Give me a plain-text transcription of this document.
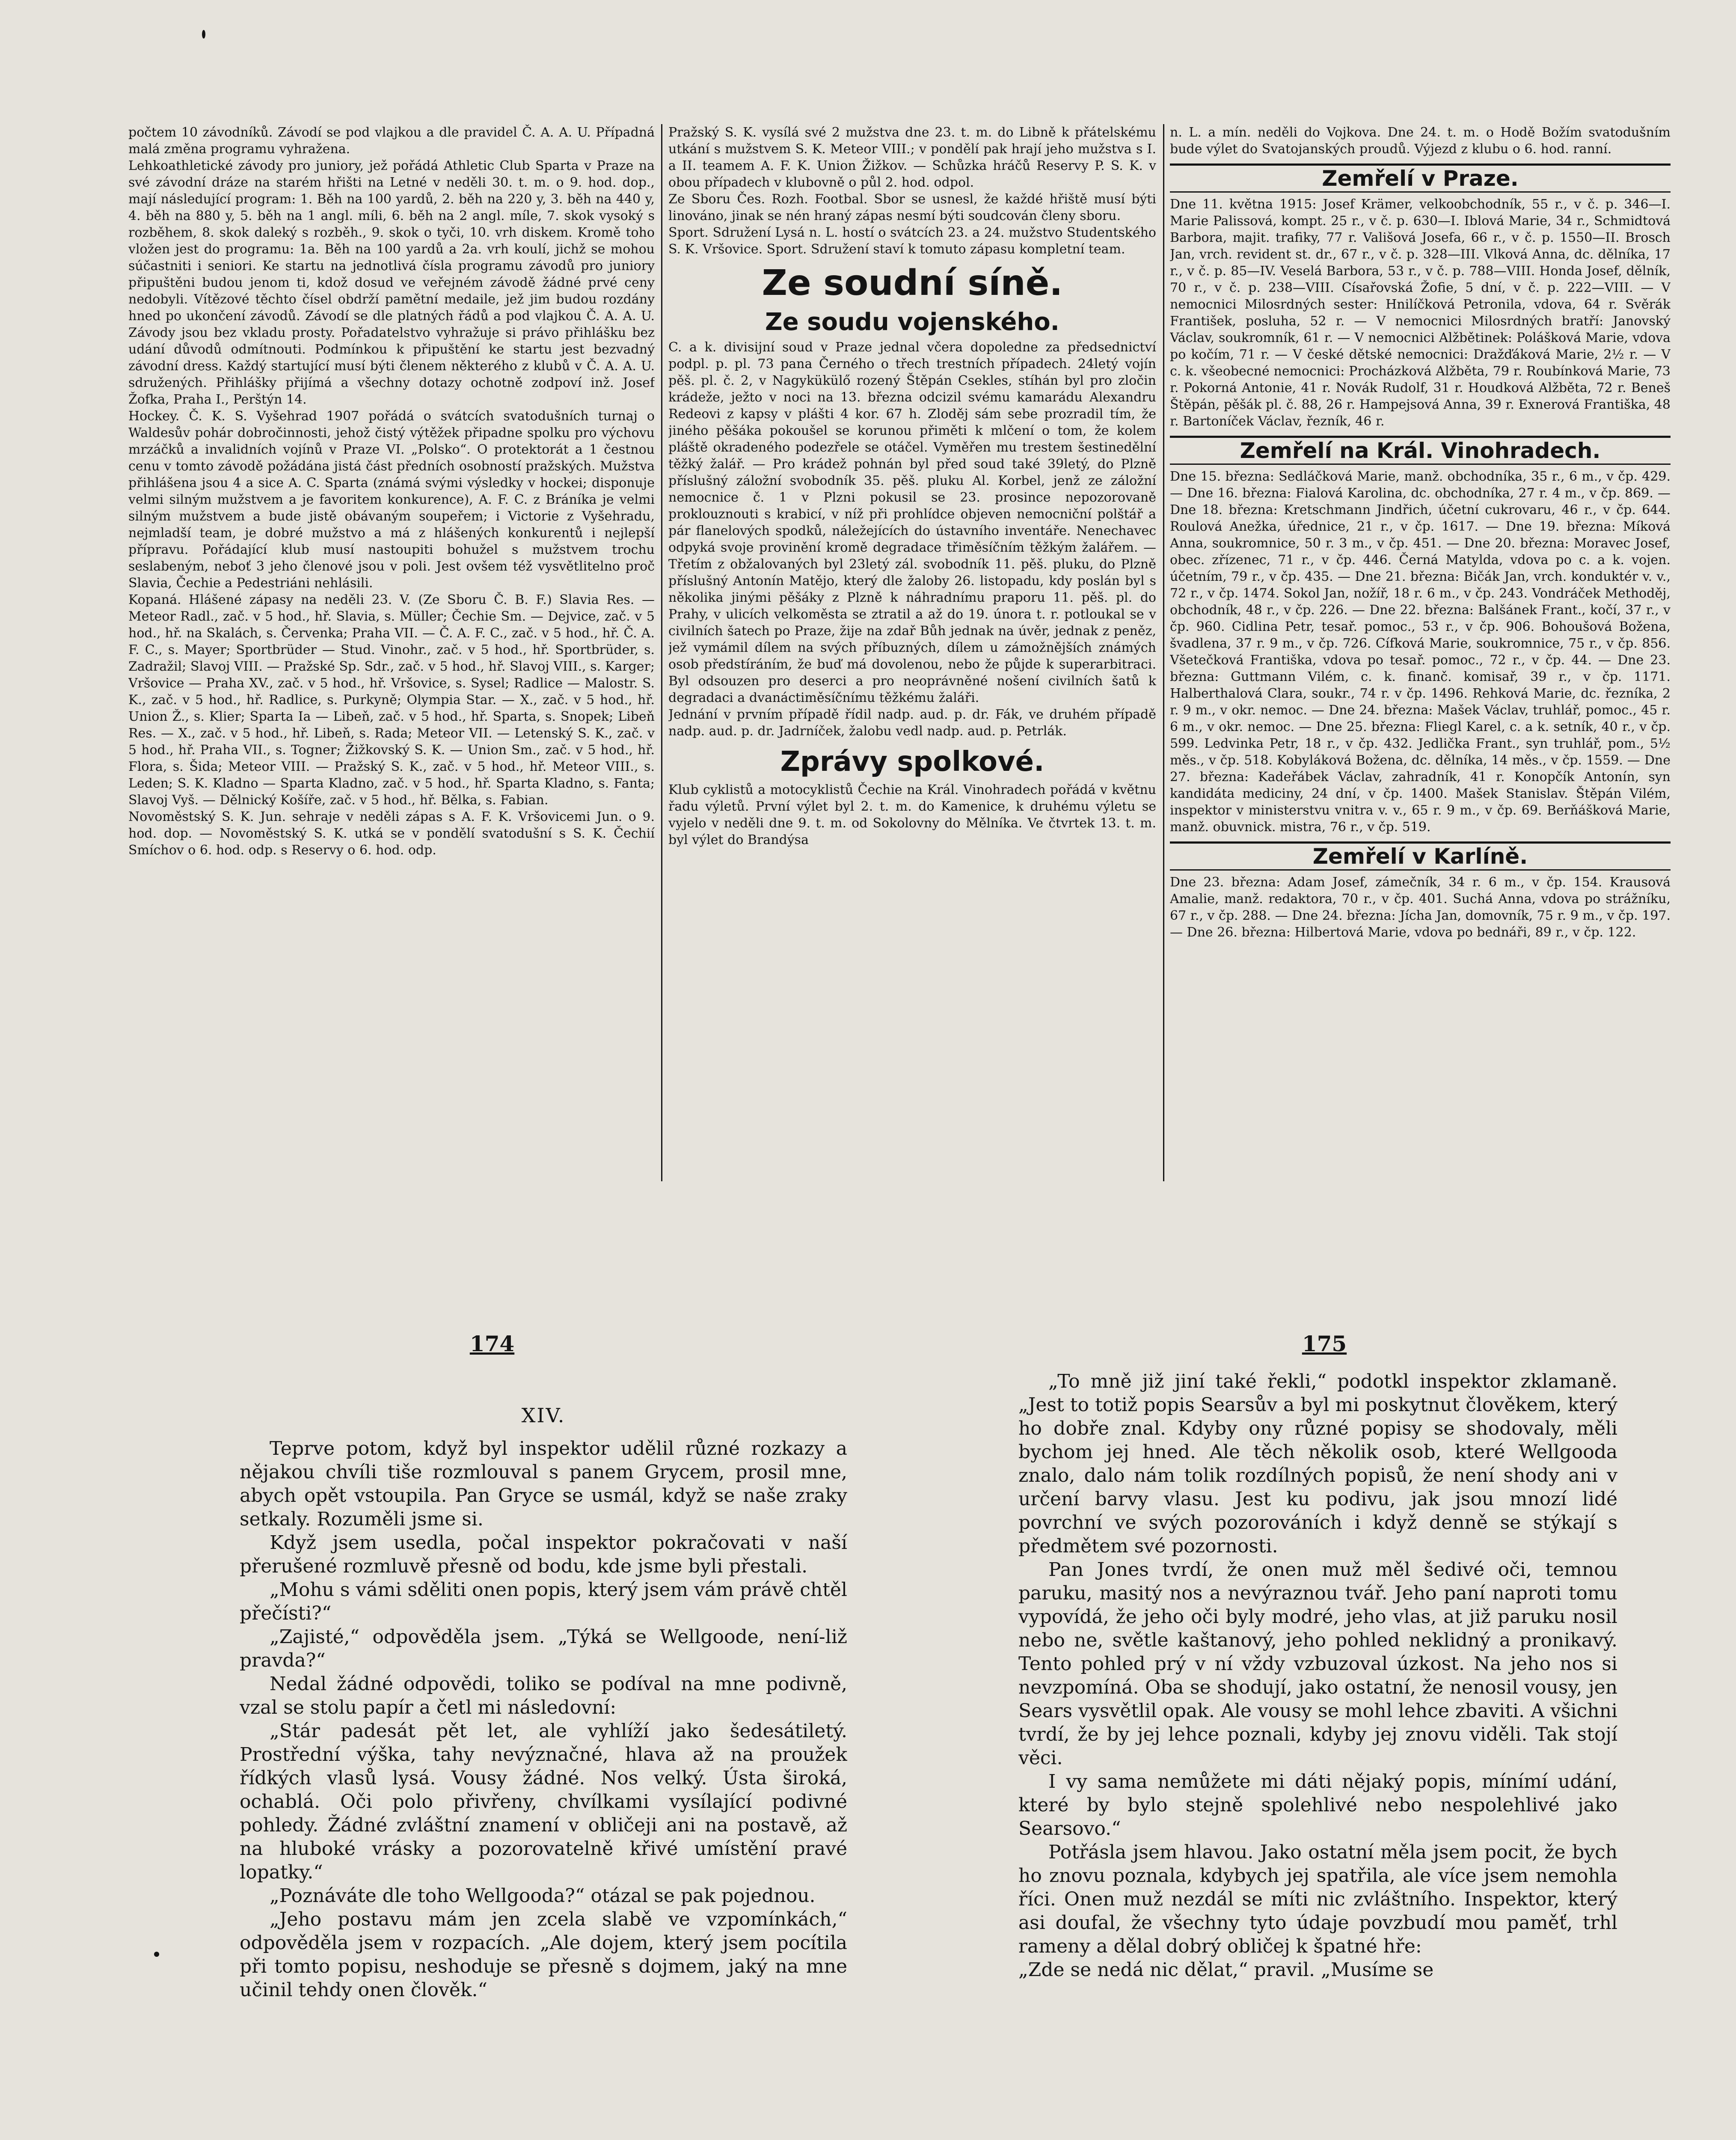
počtem 10 závodníků. Závodí se pod vlajkou a dle pravidel Č. A. A. U. Případná malá změna programu vyhražena.

Lehkoathletické závody pro juniory, jež pořádá Athletic Club Sparta v Praze na své závodní dráze na starém hřišti na Letné v neděli 30. t. m. o 9. hod. dop., mají následující program: 1. Běh na 100 yardů, 2. běh na 220 y, 3. běh na 440 y, 4. běh na 880 y, 5. běh na 1 angl. míli, 6. běh na 2 angl. míle, 7. skok vysoký s rozběhem, 8. skok daleký s rozběh., 9. skok o tyči, 10. vrh diskem. Kromě toho vložen jest do programu: 1a. Běh na 100 yardů a 2a. vrh koulí, jichž se mohou súčastniti i seniori. Ke startu na jednotlivá čísla programu závodů pro juniory připuštěni budou jenom ti, kdož dosud ve veřejném závodě žádné prvé ceny nedobyli. Vítězové těchto čísel obdrží pamětní medaile, jež jim budou rozdány hned po ukončení závodů. Závodí se dle platných řádů a pod vlajkou Č. A. A. U. Závody jsou bez vkladu prosty. Pořadatelstvo vyhražuje si právo přihlášku bez udání důvodů odmítnouti. Podmínkou k připuštění ke startu jest bezvadný závodní dress. Každý startující musí býti členem některého z klubů v Č. A. A. U. sdružených. Přihlášky přijímá a všechny dotazy ochotně zodpoví inž. Josef Žofka, Praha I., Perštýn 14.

Hockey. Č. K. S. Vyšehrad 1907 pořádá o svátcích svatodušních turnaj o Waldesův pohár dobročinnosti, jehož čistý výtěžek připadne spolku pro výchovu mrzáčků a invalidních vojínů v Praze VI. „Polsko“. O protektorát a 1 čestnou cenu v tomto závodě požádána jistá část předních osobností pražských. Mužstva přihlášena jsou 4 a sice A. C. Sparta (známá svými výsledky v hockei; disponuje velmi silným mužstvem a je favoritem konkurence), A. F. C. z Bráníka je velmi silným mužstvem a bude jistě obávaným soupeřem; i Victorie z Vyšehradu, nejmladší team, je dobré mužstvo a má z hlášených konkurentů i nejlepší přípravu. Pořádající klub musí nastoupiti bohužel s mužstvem trochu seslabeným, neboť 3 jeho členové jsou v poli. Jest ovšem též vysvětlitelno proč Slavia, Čechie a Pedestriáni nehlásili.

Kopaná. Hlášené zápasy na neděli 23. V. (Ze Sboru Č. B. F.) Slavia Res. — Meteor Radl., zač. v 5 hod., hř. Slavia, s. Müller; Čechie Sm. — Dejvice, zač. v 5 hod., hř. na Skalách, s. Červenka; Praha VII. — Č. A. F. C., zač. v 5 hod., hř. Č. A. F. C., s. Mayer; Sportbrüder — Stud. Vinohr., zač. v 5 hod., hř. Sportbrüder, s. Zadražil; Slavoj VIII. — Pražské Sp. Sdr., zač. v 5 hod., hř. Slavoj VIII., s. Karger; Vršovice — Praha XV., zač. v 5 hod., hř. Vršovice, s. Sysel; Radlice — Malostr. S. K., zač. v 5 hod., hř. Radlice, s. Purkyně; Olympia Star. — X., zač. v 5 hod., hř. Union Ž., s. Klier; Sparta Ia — Libeň, zač. v 5 hod., hř. Sparta, s. Snopek; Libeň Res. — X., zač. v 5 hod., hř. Libeň, s. Rada; Meteor VII. — Letenský S. K., zač. v 5 hod., hř. Praha VII., s. Togner; Žižkovský S. K. — Union Sm., zač. v 5 hod., hř. Flora, s. Šida; Meteor VIII. — Pražský S. K., zač. v 5 hod., hř. Meteor VIII., s. Leden; S. K. Kladno — Sparta Kladno, zač. v 5 hod., hř. Sparta Kladno, s. Fanta; Slavoj Vyš. — Dělnický Košíře, zač. v 5 hod., hř. Bělka, s. Fabian.

Novoměstský S. K. Jun. sehraje v neděli zápas s A. F. K. Vršovicemi Jun. o 9. hod. dop. — Novoměstský S. K. utká se v pondělí svatodušní s S. K. Čechií Smíchov o 6. hod. odp. s Reservy o 6. hod. odp.

Pražský S. K. vysílá své 2 mužstva dne 23. t. m. do Libně k přátelskému utkání s mužstvem S. K. Meteor VIII.; v pondělí pak hrají jeho mužstva s I. a II. teamem A. F. K. Union Žižkov. — Schůzka hráčů Reservy P. S. K. v obou případech v klubovně o půl 2. hod. odpol.

Ze Sboru Čes. Rozh. Footbal. Sbor se usnesl, že každé hřiště musí býti linováno, jinak se nén hraný zápas nesmí býti soudcován členy sboru.

Sport. Sdružení Lysá n. L. hostí o svátcích 23. a 24. mužstvo Studentského S. K. Vršovice. Sport. Sdružení staví k tomuto zápasu kompletní team.

Ze soudní síně.
Ze soudu vojenského.

C. a k. divisijní soud v Praze jednal včera dopoledne za předsednictví podpl. p. pl. 73 pana Černého o třech trestních případech. 24letý vojín pěš. pl. č. 2, v Nagykükülő rozený Štěpán Csekles, stíhán byl pro zločin krádeže, ježto v noci na 13. března odcizil svému kamarádu Alexandru Redeovi z kapsy v plášti 4 kor. 67 h. Zloděj sám sebe prozradil tím, že jiného pěšáka pokoušel se korunou přiměti k mlčení o tom, že kolem pláště okradeného podezřele se otáčel. Vyměřen mu trestem šestinedělní těžký žalář. — Pro krádež pohnán byl před soud také 39letý, do Plzně příslušný záložní svobodník 35. pěš. pluku Al. Korbel, jenž ze záložní nemocnice č. 1 v Plzni pokusil se 23. prosince nepozorovaně proklouznouti s krabicí, v níž při prohlídce objeven nemocniční polštář a pár flanelových spodků, náležejících do ústavního inventáře. Nenechavec odpyká svoje provinění kromě degradace třiměsíčním těžkým žalářem. — Třetím z obžalovaných byl 23letý zál. svobodník 11. pěš. pluku, do Plzně příslušný Antonín Matějo, který dle žaloby 26. listopadu, kdy poslán byl s několika jinými pěšáky z Plzně k náhradnímu praporu 11. pěš. pl. do Prahy, v ulicích velkoměsta se ztratil a až do 19. února t. r. potloukal se v civilních šatech po Praze, žije na zdař Bůh jednak na úvěr, jednak z peněz, jež vymámil dílem na svých příbuzných, dílem u zámožnějších známých osob předstíráním, že buď má dovolenou, nebo že půjde k superarbitraci. Byl odsouzen pro deserci a pro neoprávněné nošení civilních šatů k degradaci a dvanáctiměsíčnímu těžkému žaláři.

Jednání v prvním případě řídil nadp. aud. p. dr. Fák, ve druhém případě nadp. aud. p. dr. Jadrníček, žalobu vedl nadp. aud. p. Petrlák.

Zprávy spolkové.

Klub cyklistů a motocyklistů Čechie na Král. Vinohradech pořádá v květnu řadu výletů. První výlet byl 2. t. m. do Kamenice, k druhému výletu se vyjelo v neděli dne 9. t. m. od Sokolovny do Mělníka. Ve čtvrtek 13. t. m. byl výlet do Brandýsa

n. L. a mín. neděli do Vojkova. Dne 24. t. m. o Hodě Božím svatodušním bude výlet do Svatojanských proudů. Výjezd z klubu o 6. hod. ranní.

Zemřelí v Praze.

Dne 11. května 1915: Josef Krämer, velkoobchodník, 55 r., v č. p. 346—I. Marie Palissová, kompt. 25 r., v č. p. 630—I. Iblová Marie, 34 r., Schmidtová Barbora, majit. trafiky, 77 r. Vališová Josefa, 66 r., v č. p. 1550—II. Brosch Jan, vrch. revident st. dr., 67 r., v č. p. 328—III. Vlková Anna, dc. dělníka, 17 r., v č. p. 85—IV. Veselá Barbora, 53 r., v č. p. 788—VIII. Honda Josef, dělník, 70 r., v č. p. 238—VIII. Císařovská Žofie, 5 dní, v č. p. 222—VIII. — V nemocnici Milosrdných sester: Hnilíčková Petronila, vdova, 64 r. Svěrák František, posluha, 52 r. — V nemocnici Milosrdných bratří: Janovský Václav, soukromník, 61 r. — V nemocnici Alžbětinek: Polášková Marie, vdova po kočím, 71 r. — V české dětské nemocnici: Dražďáková Marie, 2½ r. — V c. k. všeobecné nemocnici: Procházková Alžběta, 79 r. Roubínková Marie, 73 r. Pokorná Antonie, 41 r. Novák Rudolf, 31 r. Houdková Alžběta, 72 r. Beneš Štěpán, pěšák pl. č. 88, 26 r. Hampejsová Anna, 39 r. Exnerová Františka, 48 r. Bartoníček Václav, řezník, 46 r.

Zemřelí na Král. Vinohradech.

Dne 15. března: Sedláčková Marie, manž. obchodníka, 35 r., 6 m., v čp. 429. — Dne 16. března: Fialová Karolina, dc. obchodníka, 27 r. 4 m., v čp. 869. — Dne 18. března: Kretschmann Jindřich, účetní cukrovaru, 46 r., v čp. 644. Roulová Anežka, úřednice, 21 r., v čp. 1617. — Dne 19. března: Míková Anna, soukromnice, 50 r. 3 m., v čp. 451. — Dne 20. března: Moravec Josef, obec. zřízenec, 71 r., v čp. 446. Černá Matylda, vdova po c. a k. vojen. účetním, 79 r., v čp. 435. — Dne 21. března: Bičák Jan, vrch. konduktér v. v., 72 r., v čp. 1474. Sokol Jan, nožíř, 18 r. 6 m., v čp. 243. Vondráček Methoděj, obchodník, 48 r., v čp. 226. — Dne 22. března: Balšánek Frant., kočí, 37 r., v čp. 960. Cidlina Petr, tesař. pomoc., 53 r., v čp. 906. Bohoušová Božena, švadlena, 37 r. 9 m., v čp. 726. Cífková Marie, soukromnice, 75 r., v čp. 856. Všetečková Františka, vdova po tesař. pomoc., 72 r., v čp. 44. — Dne 23. března: Guttmann Vilém, c. k. finanč. komisař, 39 r., v čp. 1171. Halberthalová Clara, soukr., 74 r. v čp. 1496. Rehková Marie, dc. řezníka, 2 r. 9 m., v okr. nemoc. — Dne 24. března: Mašek Václav, truhlář, pomoc., 45 r. 6 m., v okr. nemoc. — Dne 25. března: Fliegl Karel, c. a k. setník, 40 r., v čp. 599. Ledvinka Petr, 18 r., v čp. 432. Jedlička Frant., syn truhlář, pom., 5½ měs., v čp. 518. Kobyláková Božena, dc. dělníka, 14 měs., v čp. 1559. — Dne 27. března: Kadeřábek Václav, zahradník, 41 r. Konopčík Antonín, syn kandidáta mediciny, 24 dní, v čp. 1400. Mašek Stanislav. Štěpán Vilém, inspektor v ministerstvu vnitra v. v., 65 r. 9 m., v čp. 69. Berňášková Marie, manž. obuvnick. mistra, 76 r., v čp. 519.

Zemřelí v Karlíně.

Dne 23. března: Adam Josef, zámečník, 34 r. 6 m., v čp. 154. Krausová Amalie, manž. redaktora, 70 r., v čp. 401. Suchá Anna, vdova po strážníku, 67 r., v čp. 288. — Dne 24. března: Jícha Jan, domovník, 75 r. 9 m., v čp. 197. — Dne 26. března: Hilbertová Marie, vdova po bednáři, 89 r., v čp. 122.

174	175
XIV.

Teprve potom, když byl inspektor udělil různé rozkazy a nějakou chvíli tiše rozmlouval s panem Grycem, prosil mne, abych opět vstoupila. Pan Gryce se usmál, když se naše zraky setkaly. Rozuměli jsme si.

Když jsem usedla, počal inspektor pokračovati v naší přerušené rozmluvě přesně od bodu, kde jsme byli přestali.

„Mohu s vámi sděliti onen popis, který jsem vám právě chtěl přečísti?“

„Zajisté,“ odpověděla jsem. „Týká se Wellgoode, není-liž pravda?“

Nedal žádné odpovědi, toliko se podíval na mne podivně, vzal se stolu papír a četl mi následovní:

„Stár padesát pět let, ale vyhlíží jako šedesátiletý. Prostřední výška, tahy nevýznačné, hlava až na proužek řídkých vlasů lysá. Vousy žádné. Nos velký. Ústa široká, ochablá. Oči polo přivřeny, chvílkami vysílající podivné pohledy. Žádné zvláštní znamení v obličeji ani na postavě, až na hluboké vrásky a pozorovatelně křivé umístění pravé lopatky.“

„Poznáváte dle toho Wellgooda?“ otázal se pak pojednou.

„Jeho postavu mám jen zcela slabě ve vzpomínkách,“ odpověděla jsem v rozpacích. „Ale dojem, který jsem pocítila při tomto popisu, neshoduje se přesně s dojmem, jaký na mne učinil tehdy onen člověk.“

„To mně již jiní také řekli,“ podotkl inspektor zklamaně. „Jest to totiž popis Searsův a byl mi poskytnut člověkem, který ho dobře znal. Kdyby ony různé popisy se shodovaly, měli bychom jej hned. Ale těch několik osob, které Wellgooda znalo, dalo nám tolik rozdílných popisů, že není shody ani v určení barvy vlasu. Jest ku podivu, jak jsou mnozí lidé povrchní ve svých pozorováních i když denně se stýkají s předmětem své pozornosti.

Pan Jones tvrdí, že onen muž měl šedivé oči, temnou paruku, masitý nos a nevýraznou tvář. Jeho paní naproti tomu vypovídá, že jeho oči byly modré, jeho vlas, at již paruku nosil nebo ne, světle kaštanový, jeho pohled neklidný a pronikavý. Tento pohled prý v ní vždy vzbuzoval úzkost. Na jeho nos si nevzpomíná. Oba se shodují, jako ostatní, že nenosil vousy, jen Sears vysvětlil opak. Ale vousy se mohl lehce zbaviti. A všichni tvrdí, že by jej lehce poznali, kdyby jej znovu viděli. Tak stojí věci.

I vy sama nemůžete mi dáti nějaký popis, mínímí udání, které by bylo stejně spolehlivé nebo nespolehlivé jako Searsovo.“

Potřásla jsem hlavou. Jako ostatní měla jsem pocit, že bych ho znovu poznala, kdybych jej spatřila, ale více jsem nemohla říci. Onen muž nezdál se míti nic zvláštního. Inspektor, který asi doufal, že všechny tyto údaje povzbudí mou paměť, trhl rameny a dělal dobrý obličej k špatné hře:

„Zde se nedá nic dělat,“ pravil. „Musíme se
